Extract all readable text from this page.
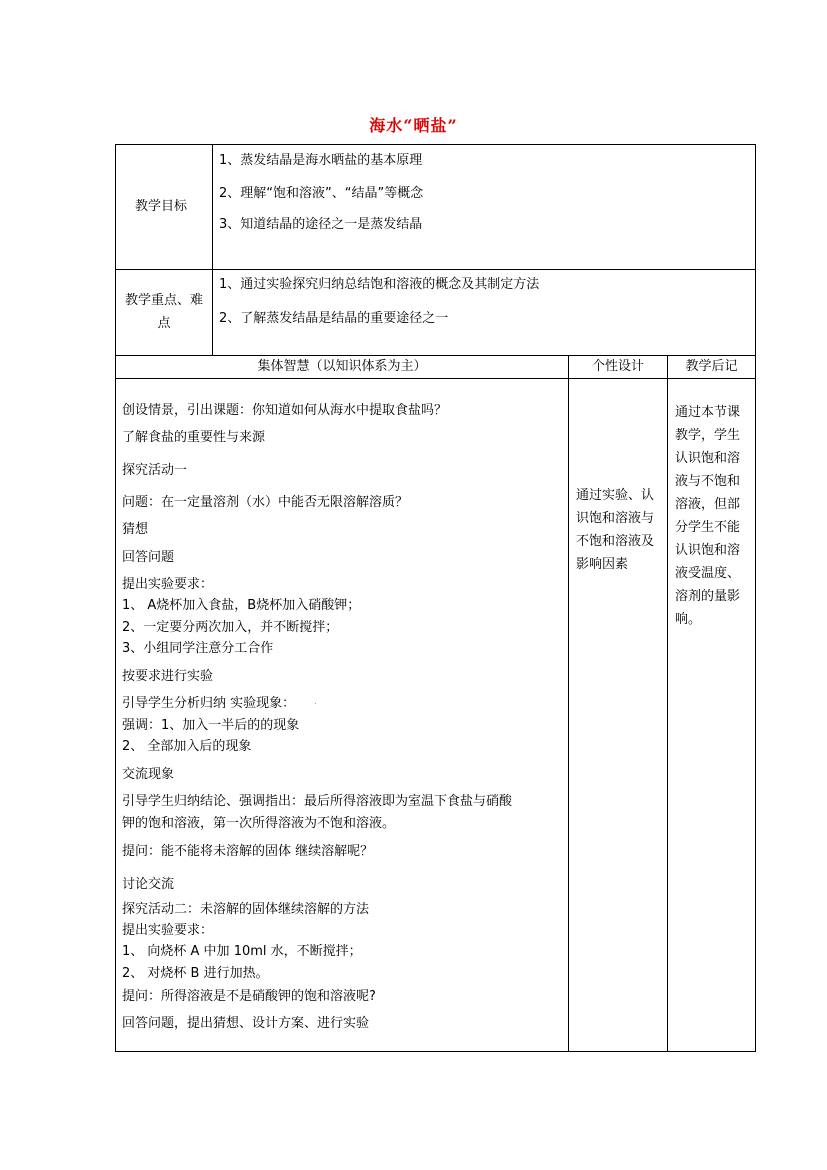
海水“晒盐”
教学目标
1、蒸发结晶是海水晒盐的基本原理
2、理解“饱和溶液”、“结晶”等概念
3、知道结晶的途径之一是蒸发结晶
教学重点、难
点
1、通过实验探究归纳总结饱和溶液的概念及其制定方法
2、了解蒸发结晶是结晶的重要途径之一
集体智慧（以知识体系为主）	个性设计	教学后记
创设情景，引出课题：你知道如何从海水中提取食盐吗？
了解食盐的重要性与来源
探究活动一
问题：在一定量溶剂（水）中能否无限溶解溶质？
猜想
回答问题
提出实验要求：
1、 A烧杯加入食盐，B烧杯加入硝酸钾；
2、一定要分两次加入，并不断搅拌；
3、小组同学注意分工合作
按要求进行实验
引导学生分析归纳 实验现象： .
强调：1、加入一半后的的现象
2、 全部加入后的现象
交流现象
引导学生归纳结论、强调指出：最后所得溶液即为室温下食盐与硝酸
钾的饱和溶液，第一次所得溶液为不饱和溶液。
提问：能不能将未溶解的固体 继续溶解呢？
讨论交流
探究活动二：未溶解的固体继续溶解的方法
提出实验要求：
1、 向烧杯 A 中加 10ml 水，不断搅拌；
2、 对烧杯 B 进行加热。
提问：所得溶液是不是硝酸钾的饱和溶液呢?
回答问题，提出猜想、设计方案、进行实验
通过实验、认识饱和溶液与不饱和溶液及影响因素
通过本节课教学，学生认识饱和溶液与不饱和溶液，但部分学生不能认识饱和溶液受温度、溶剂的量影响。
